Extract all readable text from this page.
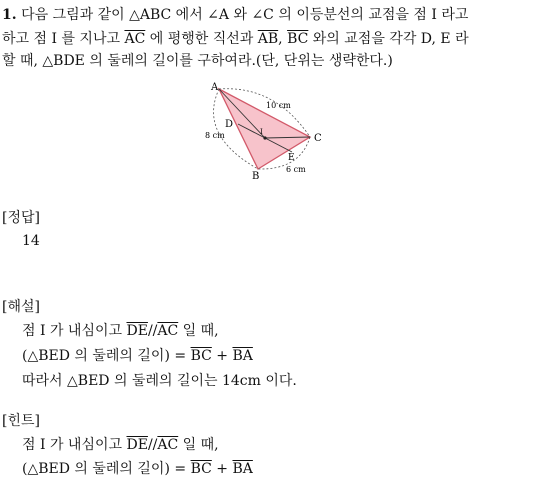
1. 다음 그림과 같이 △ABC 에서 ∠A 와 ∠C 의 이등분선의 교점을 점 I 라고
하고 점 I 를 지나고 $\overline{AC}$ 에 평행한 직선과 $\overline{AB}$, $\overline{BC}$ 와의 교점을 각각 D, E 라
할 때, △BDE 의 둘레의 길이를 구하여라.(단, 단위는 생략한다.)
A
B
C
D
E
I
10 cm
8 cm
6 cm
[정답]
14
[해설]
점 I 가 내심이고 $\overline{DE}//\overline{AC}$ 일 때,
(△BED 의 둘레의 길이) = $\overline{BC} + \overline{BA}$
따라서 △BED 의 둘레의 길이는 14cm 이다.
[힌트]
점 I 가 내심이고 $\overline{DE}//\overline{AC}$ 일 때,
(△BED 의 둘레의 길이) = $\overline{BC} + \overline{BA}$
